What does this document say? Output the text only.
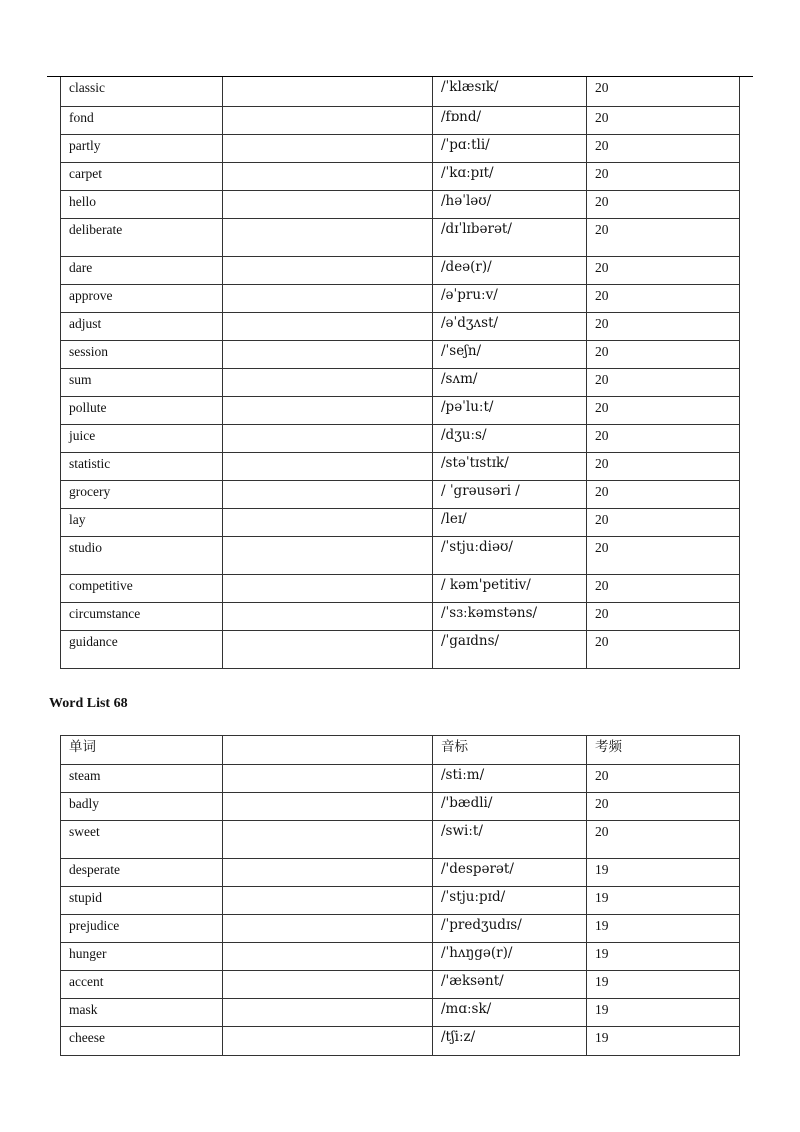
classic		/ˈklæsɪk/	20
fond		/fɒnd/	20
partly		/ˈpɑːtli/	20
carpet		/ˈkɑːpɪt/	20
hello		/həˈləʊ/	20
deliberate		/dɪˈlɪbərət/	20
dare		/deə(r)/	20
approve		/əˈpruːv/	20
adjust		/əˈdʒʌst/	20
session		/ˈseʃn/	20
sum		/sʌm/	20
pollute		/pəˈluːt/	20
juice		/dʒuːs/	20
statistic		/stəˈtɪstɪk/	20
grocery		/ ˈgrəusəri /	20
lay		/leɪ/	20
studio		/ˈstjuːdiəʊ/	20
competitive		/ kəm'petitiv/	20
circumstance		/ˈsɜːkəmstəns/	20
guidance		/ˈgaɪdns/	20
Word List 68
单词		音标	考频
steam		/stiːm/	20
badly		/'bædli/	20
sweet		/swiːt/	20
desperate		/'despərət/	19
stupid		/ˈstjuːpɪd/	19
prejudice		/ˈpredʒudɪs/	19
hunger		/ˈhʌŋgə(r)/	19
accent		/'æksənt/	19
mask		/mɑːsk/	19
cheese		/tʃiːz/	19
